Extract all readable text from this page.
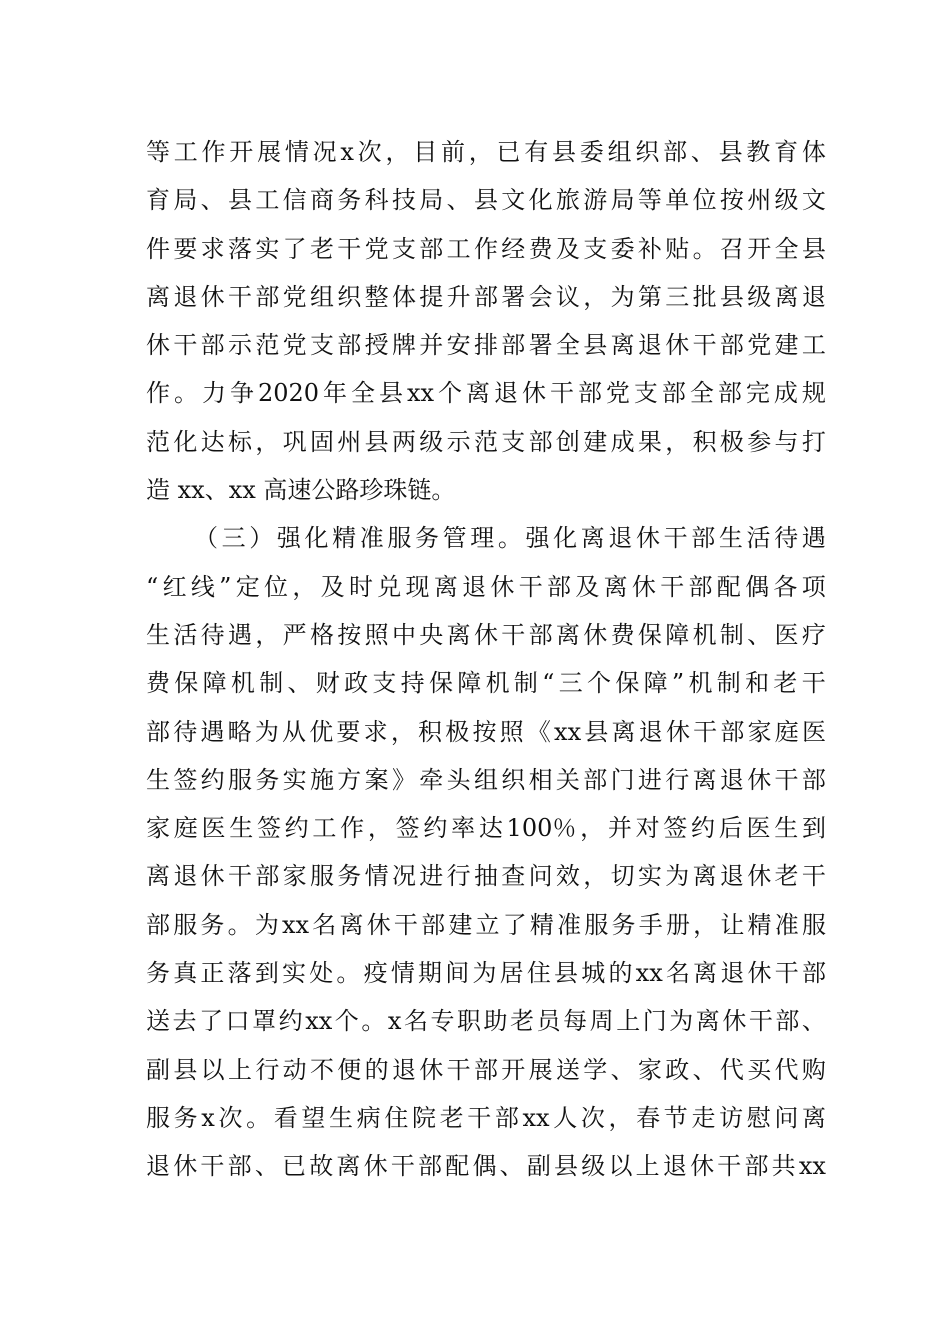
等 工 作 开 展 情 况 x 次 ， 目 前 ， 已 有 县 委 组 织 部 、 县 教 育 体
育 局 、 县 工 信 商 务 科 技 局 、 县 文 化 旅 游 局 等 单 位 按 州 级 文
件 要 求 落 实 了 老 干 党 支 部 工 作 经 费 及 支 委 补 贴 。 召 开 全 县
离 退 休 干 部 党 组 织 整 体 提 升 部 署 会 议 ， 为 第 三 批 县 级 离 退
休 干 部 示 范 党 支 部 授 牌 并 安 排 部 署 全 县 离 退 休 干 部 党 建 工
作 。 力 争 2020 年 全 县 xx 个 离 退 休 干 部 党 支 部 全 部 完 成 规
范 化 达 标 ， 巩 固 州 县 两 级 示 范 支 部 创 建 成 果 ， 积 极 参 与 打
造 xx、xx 高速公路珍珠链。
（ 三 ） 强 化 精 准 服 务 管 理 。 强 化 离 退 休 干 部 生 活 待 遇
“ 红 线 ” 定 位 ， 及 时 兑 现 离 退 休 干 部 及 离 休 干 部 配 偶 各 项
生 活 待 遇 ， 严 格 按 照 中 央 离 休 干 部 离 休 费 保 障 机 制 、 医 疗
费 保 障 机 制 、 财 政 支 持 保 障 机 制 “ 三 个 保 障 ” 机 制 和 老 干
部 待 遇 略 为 从 优 要 求 ， 积 极 按 照 《 xx 县 离 退 休 干 部 家 庭 医
生 签 约 服 务 实 施 方 案 》 牵 头 组 织 相 关 部 门 进 行 离 退 休 干 部
家 庭 医 生 签 约 工 作 ， 签 约 率 达 100％ ， 并 对 签 约 后 医 生 到
离 退 休 干 部 家 服 务 情 况 进 行 抽 查 问 效 ， 切 实 为 离 退 休 老 干
部 服 务 。 为 xx 名 离 休 干 部 建 立 了 精 准 服 务 手 册 ， 让 精 准 服
务 真 正 落 到 实 处 。 疫 情 期 间 为 居 住 县 城 的 xx 名 离 退 休 干 部
送 去 了 口 罩 约 xx 个 。 x 名 专 职 助 老 员 每 周 上 门 为 离 休 干 部 、
副 县 以 上 行 动 不 便 的 退 休 干 部 开 展 送 学 、 家 政 、 代 买 代 购
服 务 x 次 。 看 望 生 病 住 院 老 干 部 xx 人 次 ， 春 节 走 访 慰 问 离
退 休 干 部 、 已 故 离 休 干 部 配 偶 、 副 县 级 以 上 退 休 干 部 共 xx
